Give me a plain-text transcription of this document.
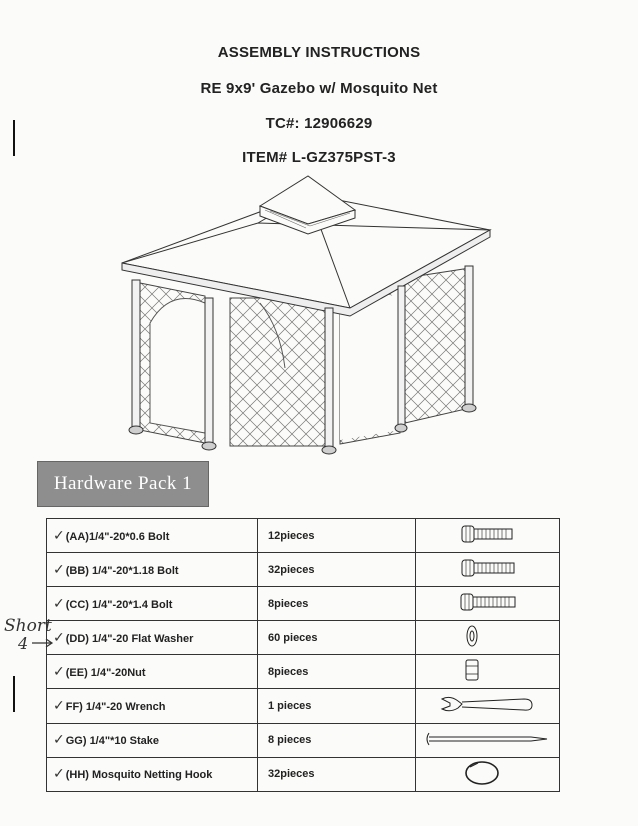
ASSEMBLY INSTRUCTIONS
RE 9x9' Gazebo w/ Mosquito Net
TC#: 12906629
ITEM# L-GZ375PST-3
Hardware Pack 1
✓(AA)1/4"-20*0.6 Bolt	12pieces	
✓(BB) 1/4"-20*1.18 Bolt	32pieces	
✓(CC) 1/4"-20*1.4 Bolt	8pieces	
✓(DD) 1/4"-20 Flat Washer	60 pieces	
✓(EE) 1/4"-20Nut	8pieces	
✓FF) 1/4"-20 Wrench	1 pieces	
✓GG) 1/4"*10 Stake	8 pieces	
✓(HH) Mosquito Netting Hook	32pieces	
Short
4
